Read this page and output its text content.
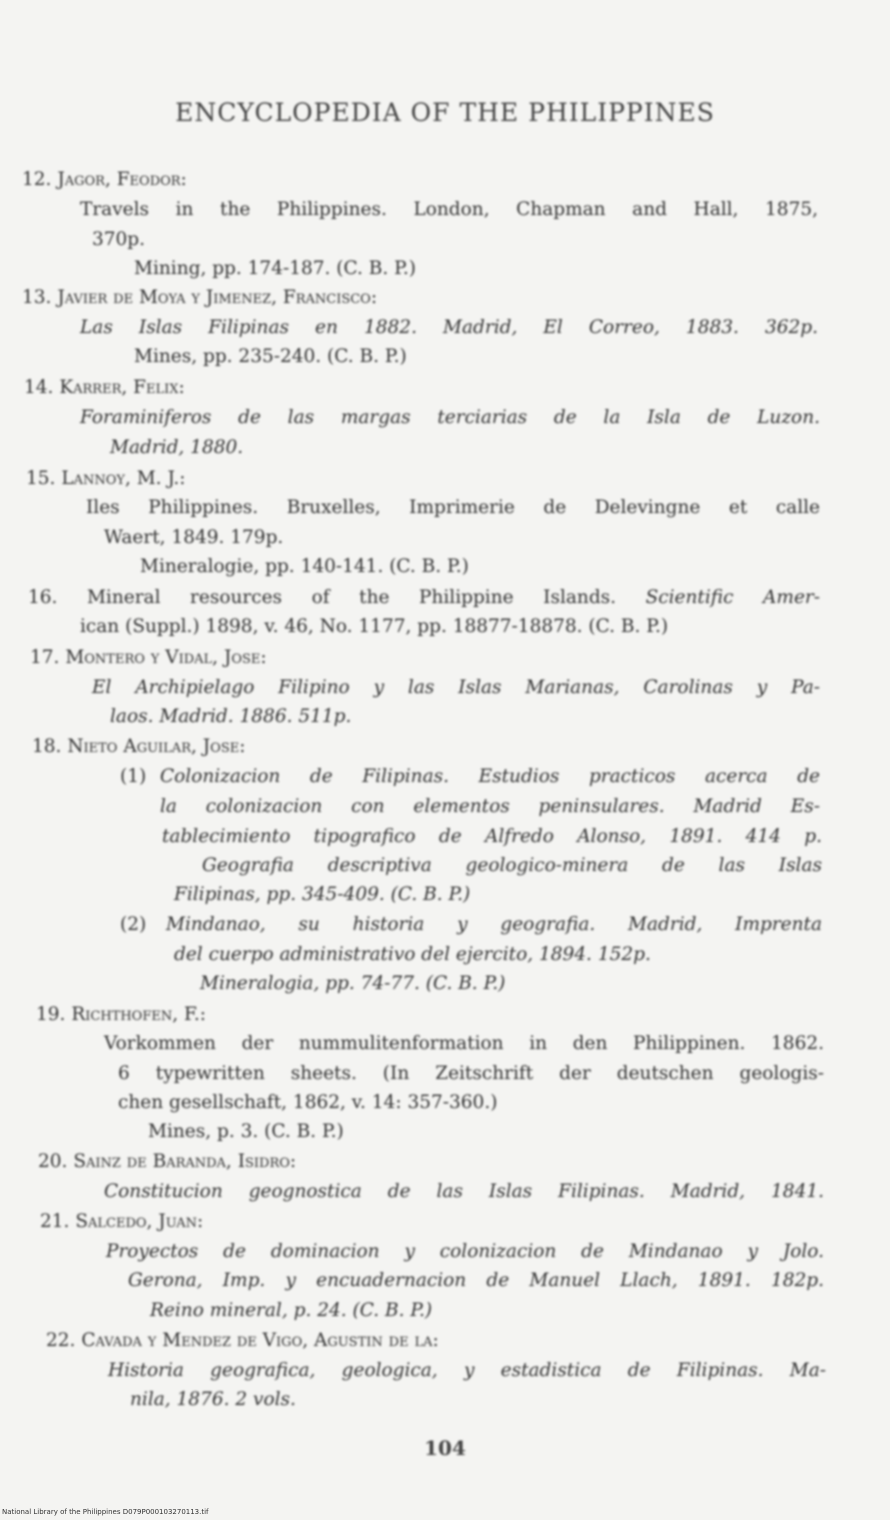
ENCYCLOPEDIA OF THE PHILIPPINES
12. Jagor, Feodor:
Travels in the Philippines. London, Chapman and Hall, 1875,
370p.
Mining, pp. 174-187. (C. B. P.)
13. Javier de Moya y Jimenez, Francisco:
Las Islas Filipinas en 1882. Madrid, El Correo, 1883. 362p.
Mines, pp. 235-240. (C. B. P.)
14. Karrer, Felix:
Foraminiferos de las margas terciarias de la Isla de Luzon.
Madrid, 1880.
15. Lannoy, M. J.:
Iles Philippines. Bruxelles, Imprimerie de Delevingne et calle
Waert, 1849. 179p.
Mineralogie, pp. 140-141. (C. B. P.)
16. Mineral resources of the Philippine Islands. Scientific Amer-
ican (Suppl.) 1898, v. 46, No. 1177, pp. 18877-18878. (C. B. P.)
17. Montero y Vidal, Jose:
El Archipielago Filipino y las Islas Marianas, Carolinas y Pa-
laos. Madrid. 1886. 511p.
18. Nieto Aguilar, Jose:
(1) Colonizacion de Filipinas. Estudios practicos acerca de
la colonizacion con elementos peninsulares. Madrid Es-
tablecimiento tipografico de Alfredo Alonso, 1891. 414 p.
Geografia descriptiva geologico-minera de las Islas
Filipinas, pp. 345-409. (C. B. P.)
(2) Mindanao, su historia y geografia. Madrid, Imprenta
del cuerpo administrativo del ejercito, 1894. 152p.
Mineralogia, pp. 74-77. (C. B. P.)
19. Richthofen, F.:
Vorkommen der nummulitenformation in den Philippinen. 1862.
6 typewritten sheets. (In Zeitschrift der deutschen geologis-
chen gesellschaft, 1862, v. 14: 357-360.)
Mines, p. 3. (C. B. P.)
20. Sainz de Baranda, Isidro:
Constitucion geognostica de las Islas Filipinas. Madrid, 1841.
21. Salcedo, Juan:
Proyectos de dominacion y colonizacion de Mindanao y Jolo.
Gerona, Imp. y encuadernacion de Manuel Llach, 1891. 182p.
Reino mineral, p. 24. (C. B. P.)
22. Cavada y Mendez de Vigo, Agustin de la:
Historia geografica, geologica, y estadistica de Filipinas. Ma-
nila, 1876. 2 vols.
104
National Library of the Philippines D079P000103270113.tif
